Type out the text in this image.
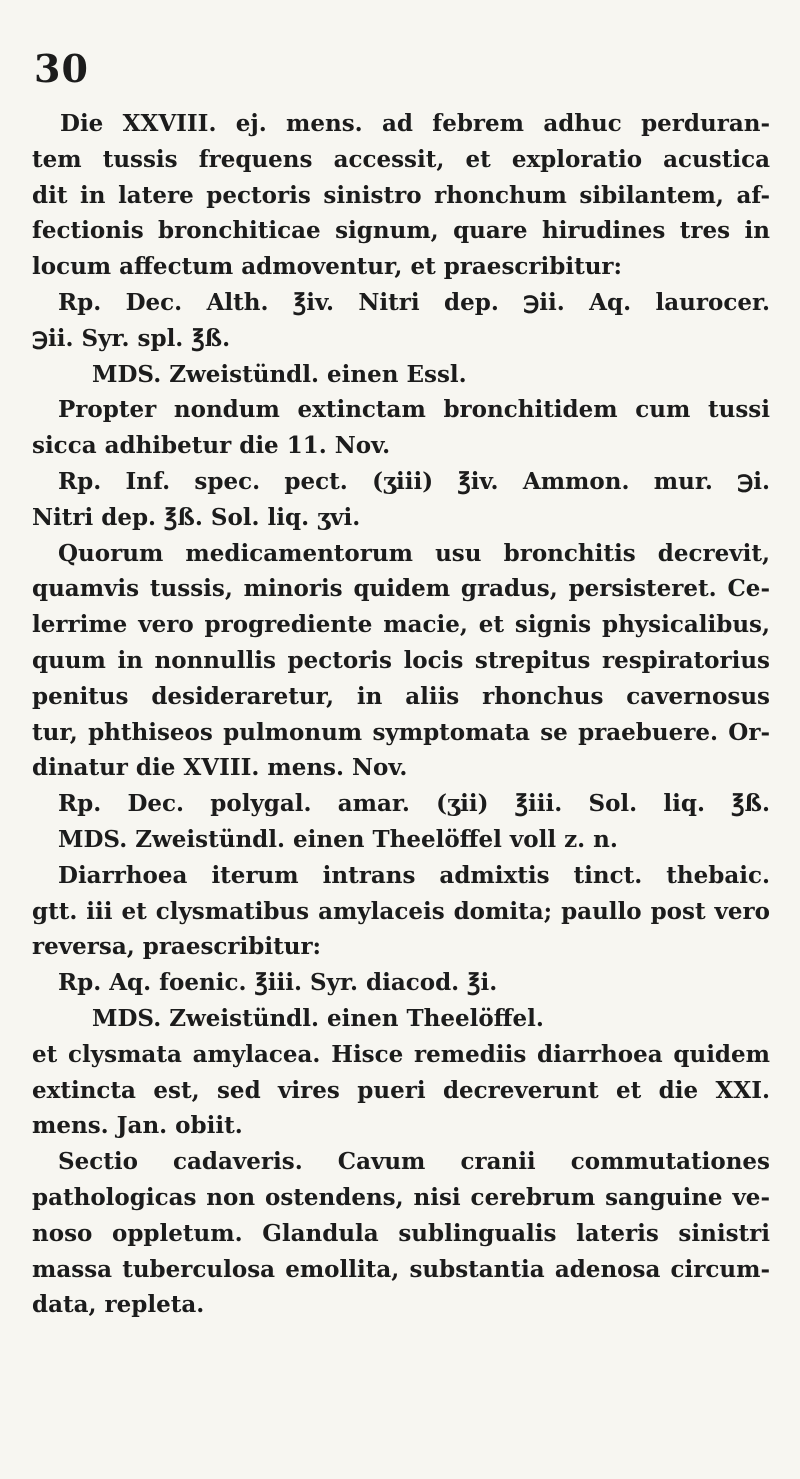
30
Die XXVIII. ej. mens. ad febrem adhuc perduran-
tem tussis frequens accessit, et exploratio acustica
dit in latere pectoris sinistro rhonchum sibilantem, af-
fectionis bronchiticae signum, quare hirudines tres in
locum affectum admoventur, et praescribitur:
Rp. Dec. Alth. ℥iv. Nitri dep. ℈ii. Aq. laurocer.
℈ii. Syr. spl. ℥ß.
MDS. Zweistündl. einen Essl.
Propter nondum extinctam bronchitidem cum tussi
sicca adhibetur die 11. Nov.
Rp. Inf. spec. pect. (ʒiii) ℥iv. Ammon. mur. ℈i.
Nitri dep. ℥ß. Sol. liq. ʒvi.
Quorum medicamentorum usu bronchitis decrevit,
quamvis tussis, minoris quidem gradus, persisteret. Ce-
lerrime vero progrediente macie, et signis physicalibus,
quum in nonnullis pectoris locis strepitus respiratorius
penitus desideraretur, in aliis rhonchus cavernosus
tur, phthiseos pulmonum symptomata se praebuere. Or-
dinatur die XVIII. mens. Nov.
Rp. Dec. polygal. amar. (ʒii) ℥iii. Sol. liq. ℥ß.
MDS. Zweistündl. einen Theelöffel voll z. n.
Diarrhoea iterum intrans admixtis tinct. thebaic.
gtt. iii et clysmatibus amylaceis domita; paullo post vero
reversa, praescribitur:
Rp. Aq. foenic. ℥iii. Syr. diacod. ℥i.
MDS. Zweistündl. einen Theelöffel.
et clysmata amylacea. Hisce remediis diarrhoea quidem
extincta est, sed vires pueri decreverunt et die XXI.
mens. Jan. obiit.
Sectio cadaveris. Cavum cranii commutationes
pathologicas non ostendens, nisi cerebrum sanguine ve-
noso oppletum. Glandula sublingualis lateris sinistri
massa tuberculosa emollita, substantia adenosa circum-
data, repleta.
